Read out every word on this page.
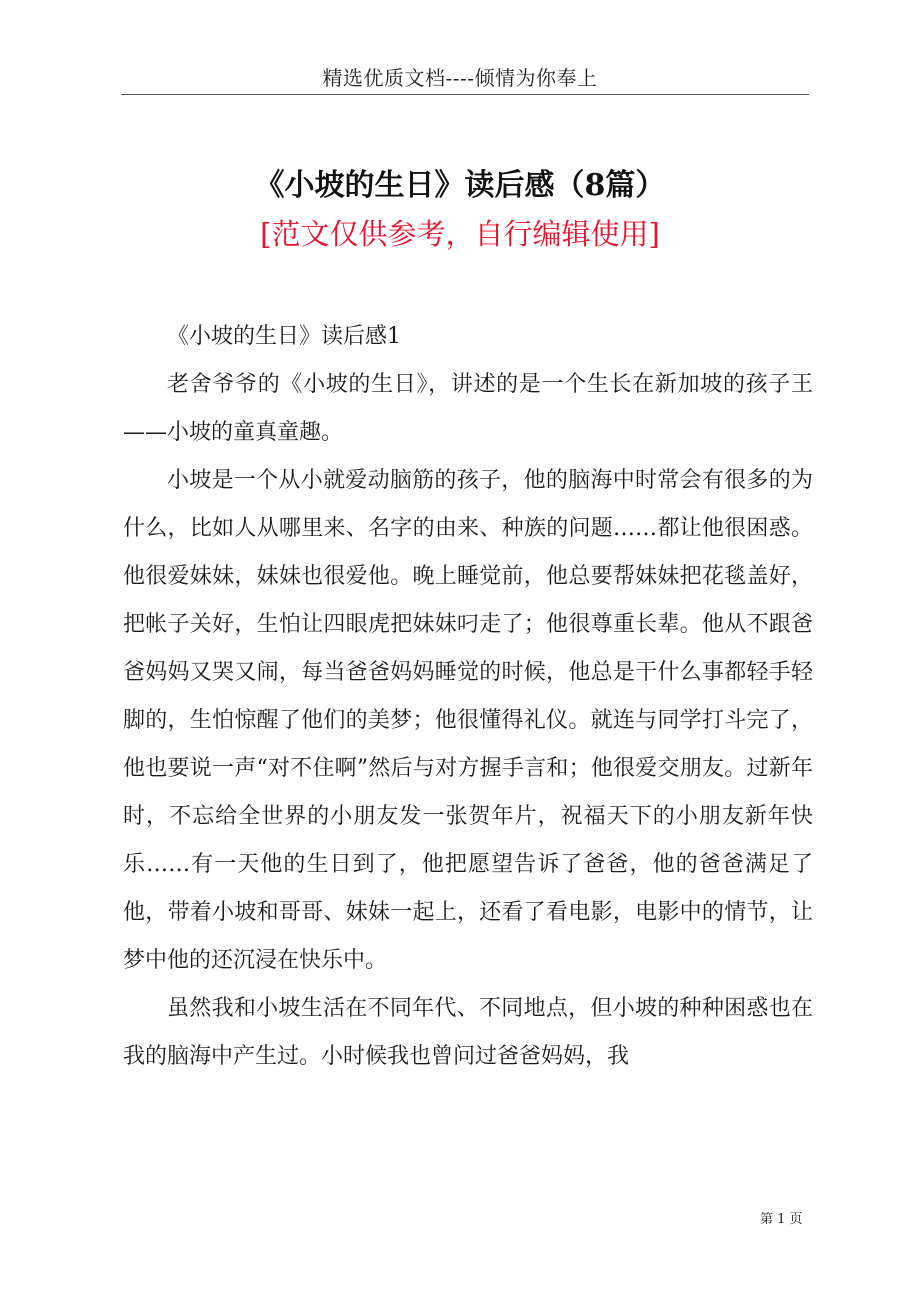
精选优质文档----倾情为你奉上
《小坡的生日》读后感（8篇）
[范文仅供参考，自行编辑使用]

《小坡的生日》读后感1

老舍爷爷的《小坡的生日》，讲述的是一个生长在新加坡的孩子王——小坡的童真童趣。

小坡是一个从小就爱动脑筋的孩子，他的脑海中时常会有很多的为什么，比如人从哪里来、名字的由来、种族的问题……都让他很困惑。他很爱妹妹，妹妹也很爱他。晚上睡觉前，他总要帮妹妹把花毯盖好，把帐子关好，生怕让四眼虎把妹妹叼走了；他很尊重长辈。他从不跟爸爸妈妈又哭又闹，每当爸爸妈妈睡觉的时候，他总是干什么事都轻手轻脚的，生怕惊醒了他们的美梦；他很懂得礼仪。就连与同学打斗完了，他也要说一声“对不住啊”然后与对方握手言和；他很爱交朋友。过新年时，不忘给全世界的小朋友发一张贺年片，祝福天下的小朋友新年快乐……有一天他的生日到了，他把愿望告诉了爸爸，他的爸爸满足了他，带着小坡和哥哥、妹妹一起上，还看了看电影，电影中的情节，让梦中他的还沉浸在快乐中。

虽然我和小坡生活在不同年代、不同地点，但小坡的种种困惑也在我的脑海中产生过。小时候我也曾问过爸爸妈妈，我

第 1 页
